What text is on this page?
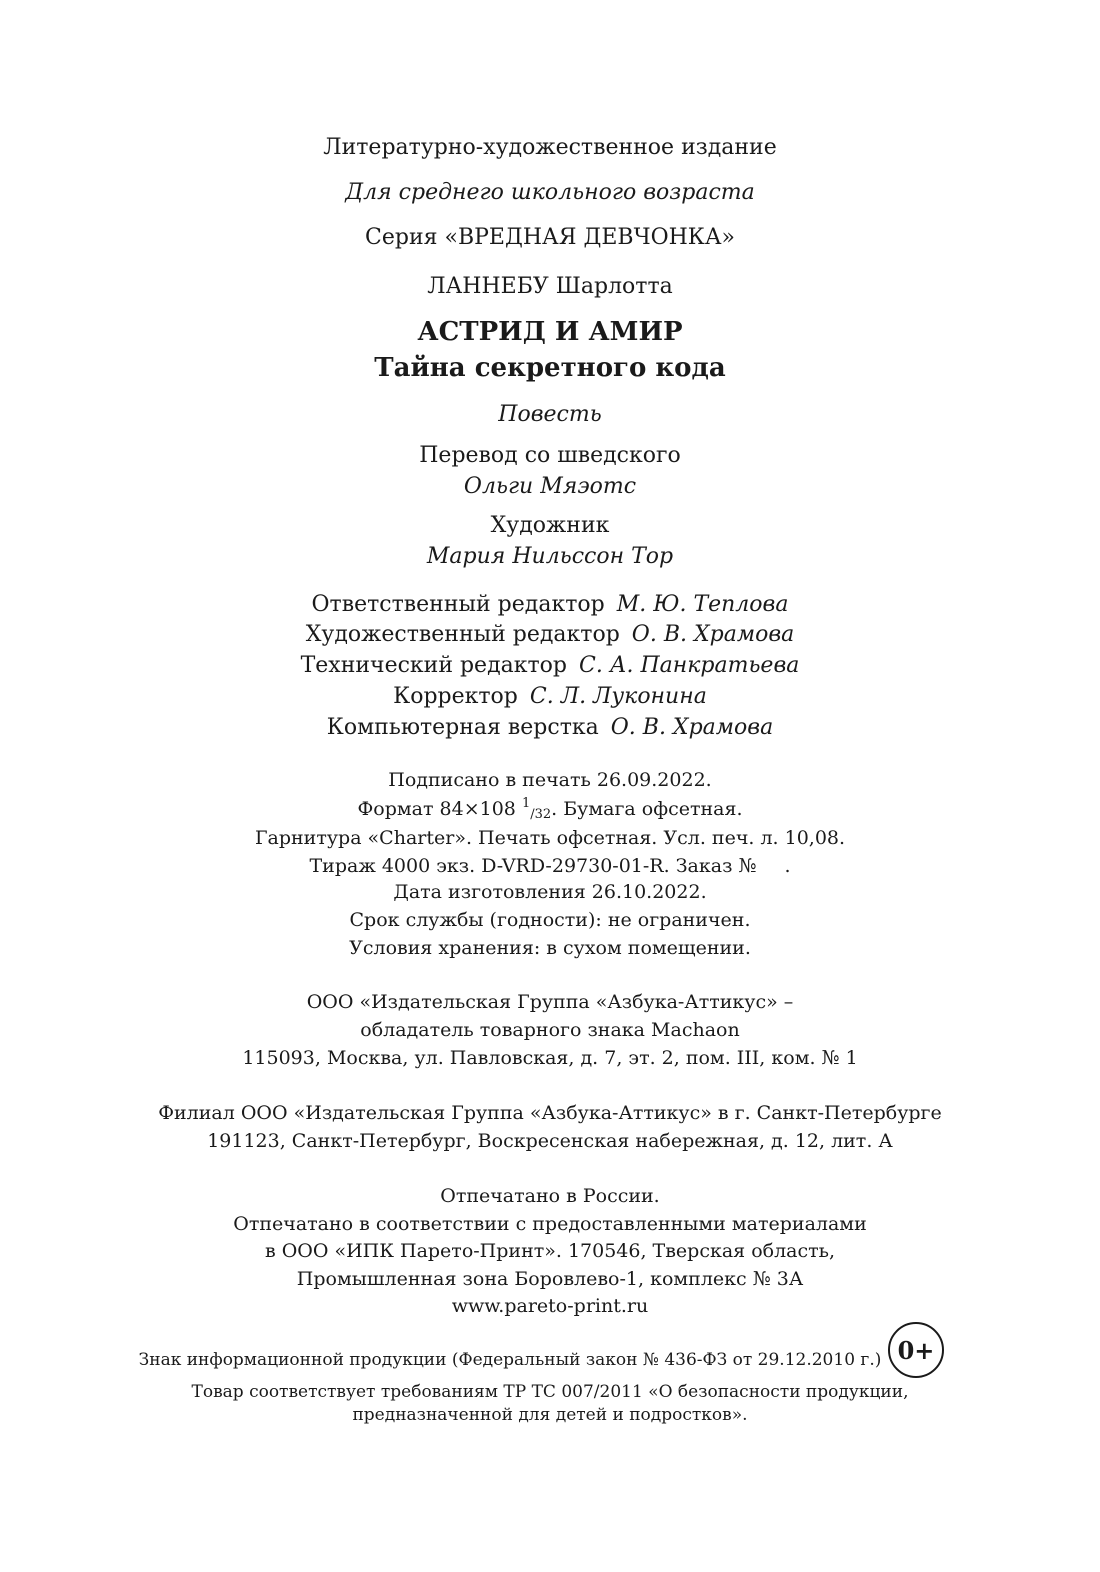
Литературно-художественное издание
Для среднего школьного возраста
Серия «ВРЕДНАЯ ДЕВЧОНКА»
ЛАННЕБУ Шарлотта
АСТРИД И АМИР
Тайна секретного кода
Повесть
Перевод со шведского
Ольги Мяэотс
Художник
Мария Нильссон Тор
Ответственный редактор М. Ю. Теплова
Художественный редактор О. В. Храмова
Технический редактор С. А. Панкратьева
Корректор С. Л. Луконина
Компьютерная верстка О. В. Храмова
Подписано в печать 26.09.2022.
Формат 84×108 $^1$/32. Бумага офсетная.
Гарнитура «Charter». Печать офсетная. Усл. печ. л. 10,08.
Тираж 4000 экз. D-VRD-29730-01-R. Заказ № .
Дата изготовления 26.10.2022.
Срок службы (годности): не ограничен.
Условия хранения: в сухом помещении.
ООО «Издательская Группа «Азбука-Аттикус» –
обладатель товарного знака Machaon
115093, Москва, ул. Павловская, д. 7, эт. 2, пом. III, ком. № 1
Филиал ООО «Издательская Группа «Азбука-Аттикус» в г. Санкт-Петербурге
191123, Санкт-Петербург, Воскресенская набережная, д. 12, лит. А
Отпечатано в России.
Отпечатано в соответствии с предоставленными материалами
в ООО «ИПК Парето-Принт». 170546, Тверская область,
Промышленная зона Боровлево-1, комплекс № 3А
www.pareto-print.ru
Знак информационной продукции (Федеральный закон № 436-ФЗ от 29.12.2010 г.) 0+
Товар соответствует требованиям ТР ТС 007/2011 «О безопасности продукции,
предназначенной для детей и подростков».
